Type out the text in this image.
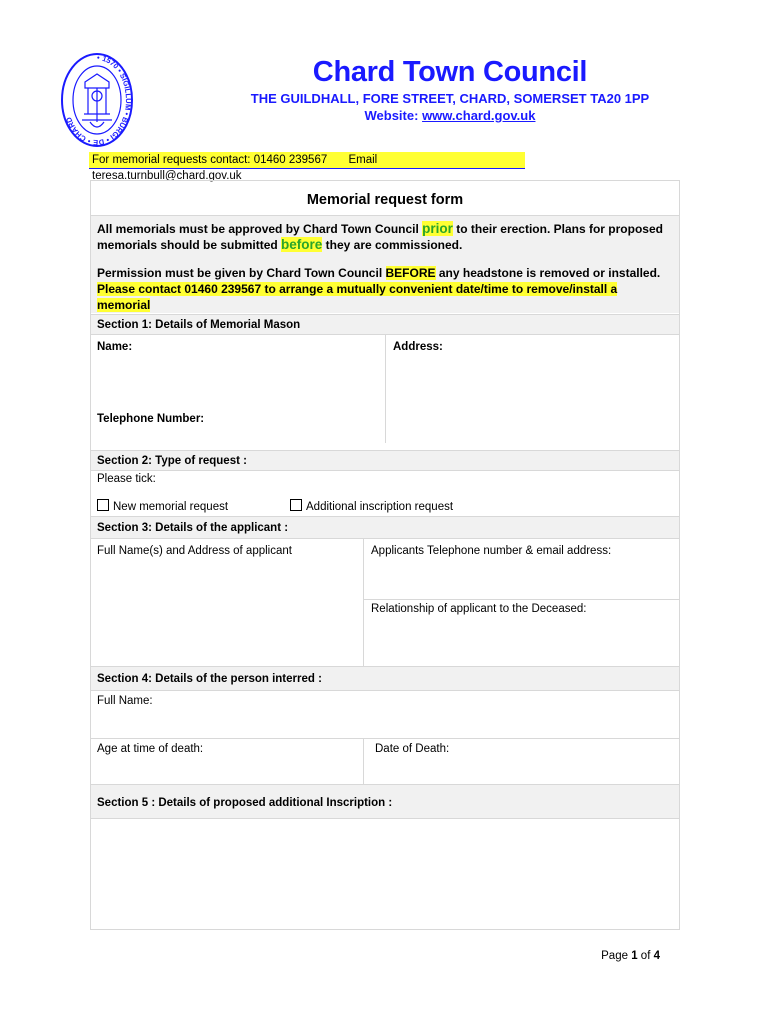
• 1570 • SIGILLUM • BURGI • DE • CHARD
Chard Town Council
THE GUILDHALL, FORE STREET, CHARD, SOMERSET TA20 1PP
Website: www.chard.gov.uk
For memorial requests contact: 01460 239567 Email teresa.turnbull@chard.gov.uk
Memorial request form
All memorials must be approved by Chard Town Council prior to their erection. Plans for proposed memorials should be submitted before they are commissioned.
Permission must be given by Chard Town Council BEFORE any headstone is removed or installed. Please contact 01460 239567 to arrange a mutually convenient date/time to remove/install a memorial
Section 1: Details of Memorial Mason
Name:
Telephone Number:
Address:
Section 2: Type of request :
Please tick:
New memorial request	Additional inscription request
Section 3: Details of the applicant :
Full Name(s) and Address of applicant	Applicants Telephone number & email address:
Relationship of applicant to the Deceased:
Section 4: Details of the person interred :
Full Name:
Age at time of death:	Date of Death:
Section 5 : Details of proposed additional Inscription :
Page 1 of 4
